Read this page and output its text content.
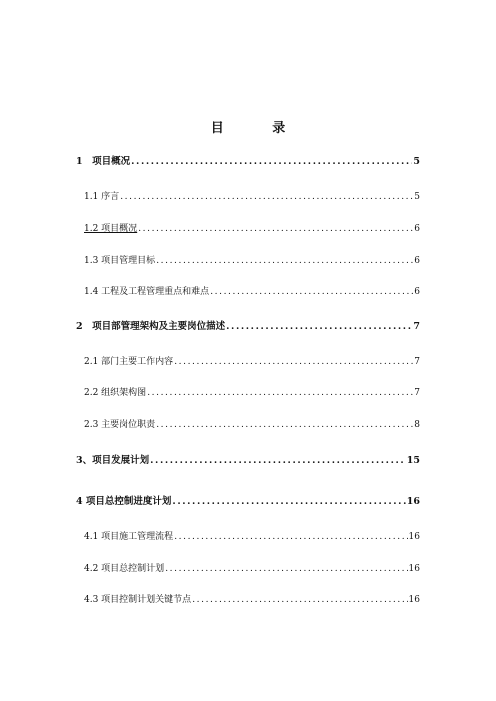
目 录
1　项目概况 .....	5
1.1 序言 .....	5
1.2 项目概况 .....	6
1.3 项目管理目标 .....	6
1.4 工程及工程管理重点和难点 .....	6
2　项目部管理架构及主要岗位描述 .....	7
2.1 部门主要工作内容 .....	7
2.2 组织架构图 .....	7
2.3 主要岗位职责 .....	8
3、项目发展计划 .....	15
4 项目总控制进度计划 .....	16
4.1 项目施工管理流程 .....	16
4.2 项目总控制计划 .....	16
4.3 项目控制计划关键节点 .....	16
